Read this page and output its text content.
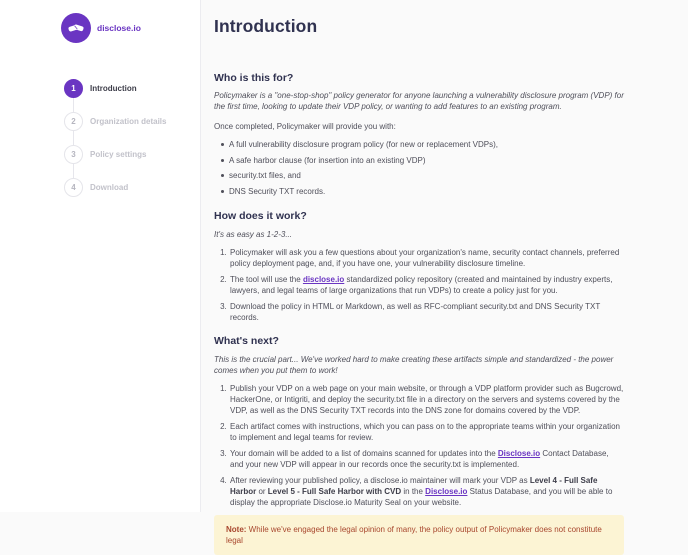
disclose.io
1	Introduction
2	Organization details
3	Policy settings
4	Download
Introduction
Who is this for?

Policymaker is a "one-stop-shop" policy generator for anyone launching a vulnerability disclosure program (VDP) for the first time, looking to update their VDP policy, or wanting to add features to an existing program.

Once completed, Policymaker will provide you with:

A full vulnerability disclosure program policy (for new or replacement VDPs),
A safe harbor clause (for insertion into an existing VDP)
security.txt files, and
DNS Security TXT records.
How does it work?

It's as easy as 1-2-3...

1. Policymaker will ask you a few questions about your organization's name, security contact channels, preferred policy deployment page, and, if you have one, your vulnerability disclosure timeline.
2. The tool will use the disclose.io standardized policy repository (created and maintained by industry experts, lawyers, and legal teams of large organizations that run VDPs) to create a policy just for you.
3. Download the policy in HTML or Markdown, as well as RFC-compliant security.txt and DNS Security TXT records.
What's next?

This is the crucial part... We've worked hard to make creating these artifacts simple and standardized - the power comes when you put them to work!

1. Publish your VDP on a web page on your main website, or through a VDP platform provider such as Bugcrowd, HackerOne, or Intigriti, and deploy the security.txt file in a directory on the servers and systems covered by the VDP, as well as the DNS Security TXT records into the DNS zone for domains covered by the VDP.
2. Each artifact comes with instructions, which you can pass on to the appropriate teams within your organization to implement and legal teams for review.
3. Your domain will be added to a list of domains scanned for updates into the Disclose.io Contact Database, and your new VDP will appear in our records once the security.txt is implemented.
4. After reviewing your published policy, a disclose.io maintainer will mark your VDP as Level 4 - Full Safe Harbor or Level 5 - Full Safe Harbor with CVD in the Disclose.io Status Database, and you will be able to display the appropriate Disclose.io Maturity Seal on your website.
Note: While we've engaged the legal opinion of many, the policy output of Policymaker does not constitute legal
